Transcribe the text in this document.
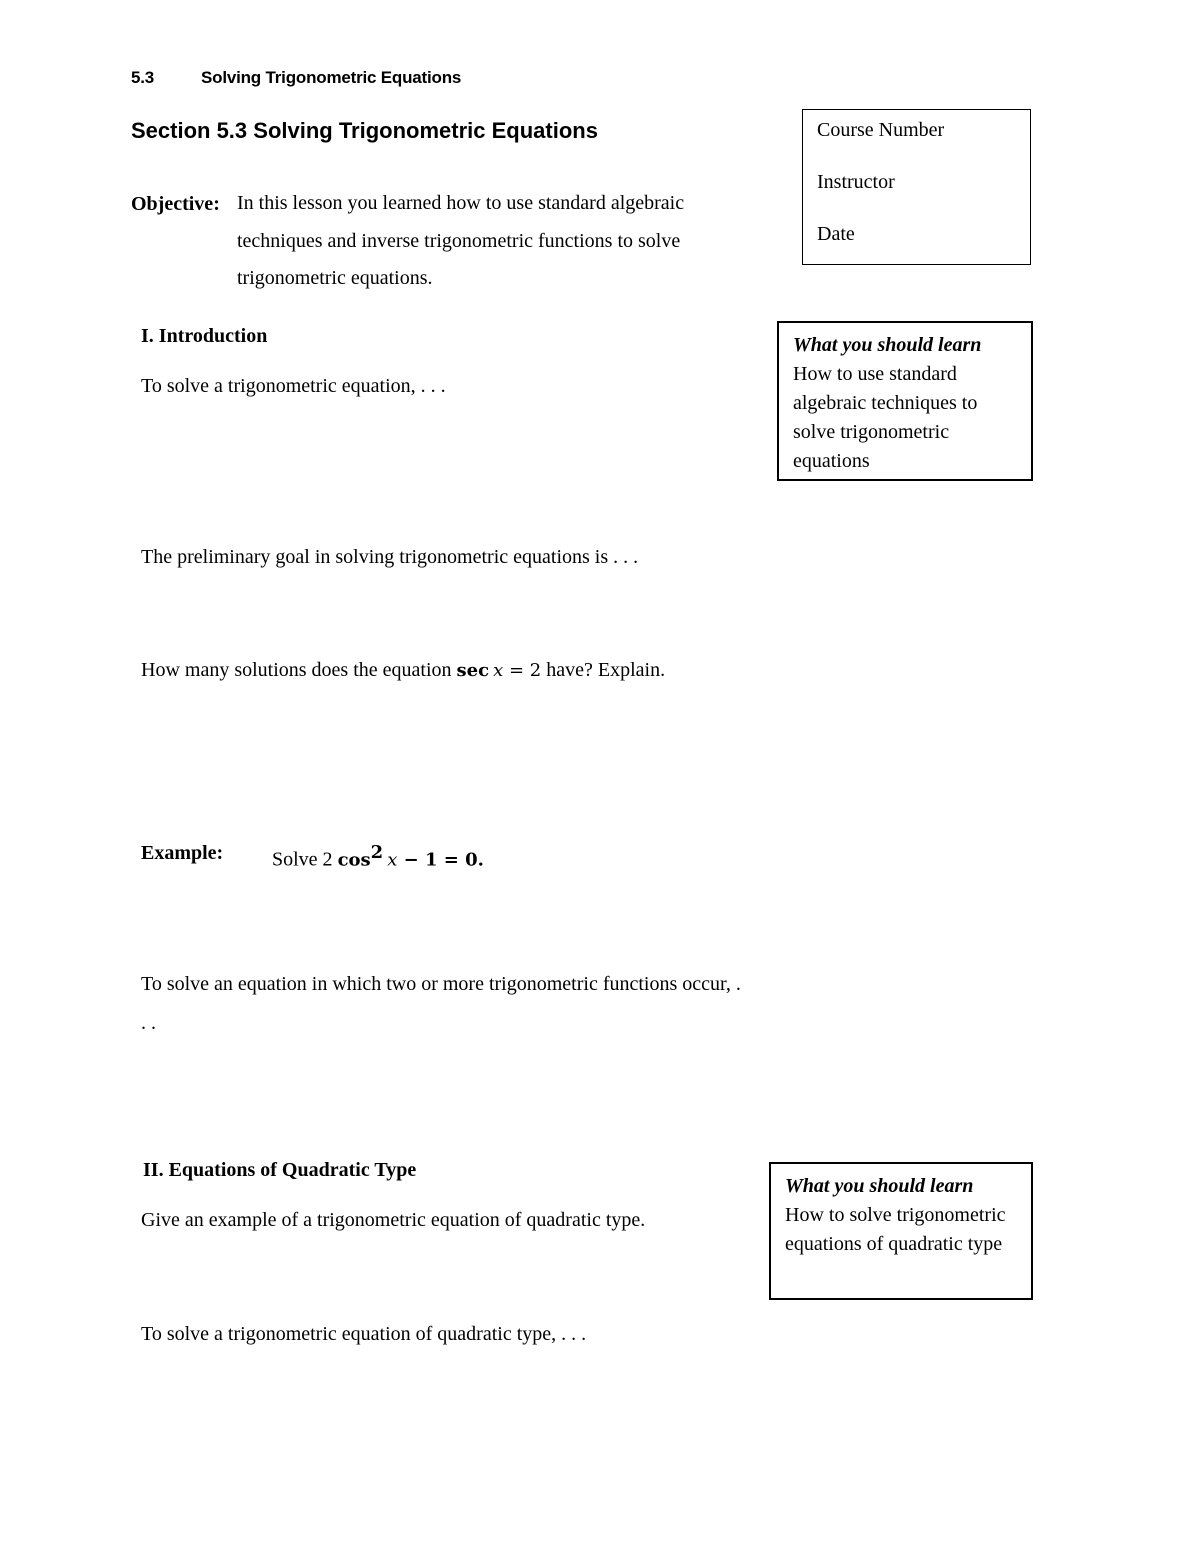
5.3	Solving Trigonometric Equations
Section 5.3 Solving Trigonometric Equations
Objective: In this lesson you learned how to use standard algebraic techniques and inverse trigonometric functions to solve trigonometric equations.
Course Number
Instructor
Date
What you should learn
How to use standard algebraic techniques to solve trigonometric equations
I. Introduction
To solve a trigonometric equation, . . .
The preliminary goal in solving trigonometric equations is . . .
How many solutions does the equation sec  x = 2 have? Explain.
Example: Solve 2 $\cos^2 x - 1 = 0$.
To solve an equation in which two or more trigonometric functions occur, . . .
II. Equations of Quadratic Type
Give an example of a trigonometric equation of quadratic type.
To solve a trigonometric equation of quadratic type, . . .
What you should learn
How to solve trigonometric equations of quadratic type
